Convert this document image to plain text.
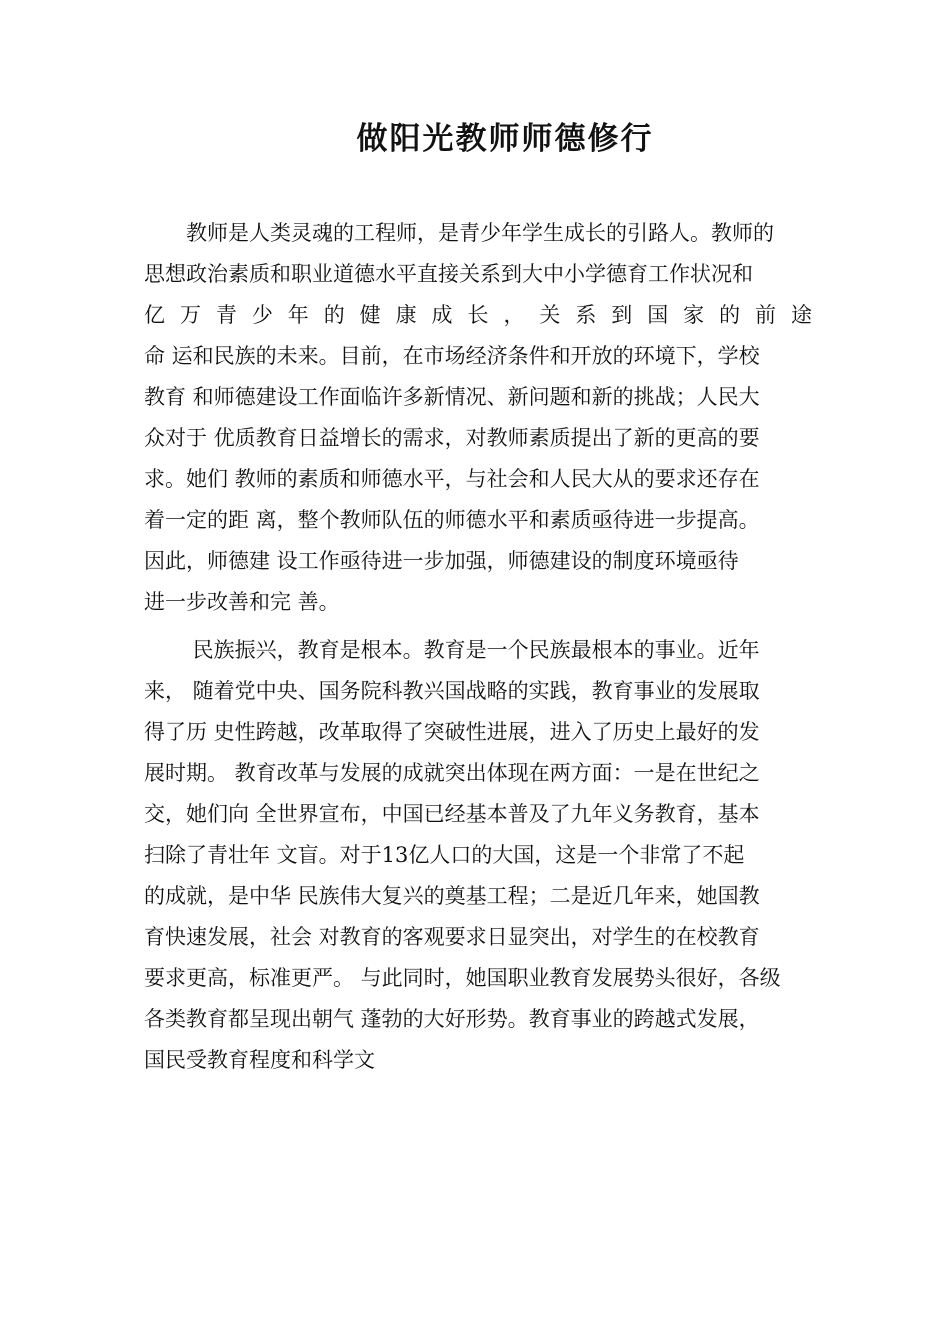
做阳光教师师德修行
　　教师是人类灵魂的工程师，是青少年学生成长的引路人。教师的
思想政治素质和职业道德水平直接关系到大中小学德育工作状况和
亿 万 青 少 年 的 健 康 成 长 ， 关 系 到 国 家 的 前 途
命 运和民族的未来。目前，在市场经济条件和开放的环境下，学校
教育 和师德建设工作面临许多新情况、新问题和新的挑战；人民大
众对于 优质教育日益增长的需求，对教师素质提出了新的更高的要
求。她们 教师的素质和师德水平，与社会和人民大从的要求还存在
着一定的距 离，整个教师队伍的师德水平和素质亟待进一步提高。
因此，师德建 设工作亟待进一步加强，师德建设的制度环境亟待
进一步改善和完 善。
　　 民族振兴，教育是根本。教育是一个民族最根本的事业。近年
来， 随着党中央、国务院科教兴国战略的实践，教育事业的发展取
得了历 史性跨越，改革取得了突破性进展，进入了历史上最好的发
展时期。 教育改革与发展的成就突出体现在两方面：一是在世纪之
交，她们向 全世界宣布，中国已经基本普及了九年义务教育，基本
扫除了青壮年 文盲。对于13亿人口的大国，这是一个非常了不起
的成就，是中华 民族伟大复兴的奠基工程；二是近几年来，她国教
育快速发展，社会 对教育的客观要求日显突出，对学生的在校教育
要求更高，标准更严。 与此同时，她国职业教育发展势头很好，各级
各类教育都呈现出朝气 蓬勃的大好形势。教育事业的跨越式发展，
国民受教育程度和科学文
